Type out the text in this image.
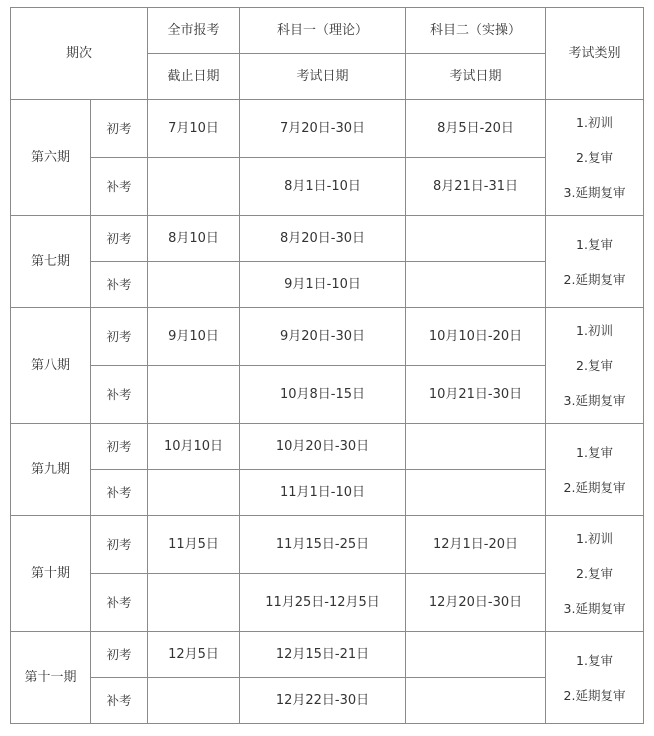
期次		全市报考	科目一（理论）	科目二（实操）	考试类别
		截止日期	考试日期	考试日期	
第六期	初考	7月10日	7月20日-30日	8月5日-20日	1.初训
2.复审
3.延期复审

	补考		8月1日-10日	8月21日-31日	
第七期	初考	8月10日	8月20日-30日		1.复审
2.延期复审

	补考		9月1日-10日		
第八期	初考	9月10日	9月20日-30日	10月10日-20日	1.初训
2.复审
3.延期复审

	补考		10月8日-15日	10月21日-30日	
第九期	初考	10月10日	10月20日-30日		1.复审
2.延期复审

	补考		11月1日-10日		
第十期	初考	11月5日	11月15日-25日	12月1日-20日	1.初训
2.复审
3.延期复审

	补考		11月25日-12月5日	12月20日-30日	
第十一期	初考	12月5日	12月15日-21日		1.复审
2.延期复审

	补考		12月22日-30日		
